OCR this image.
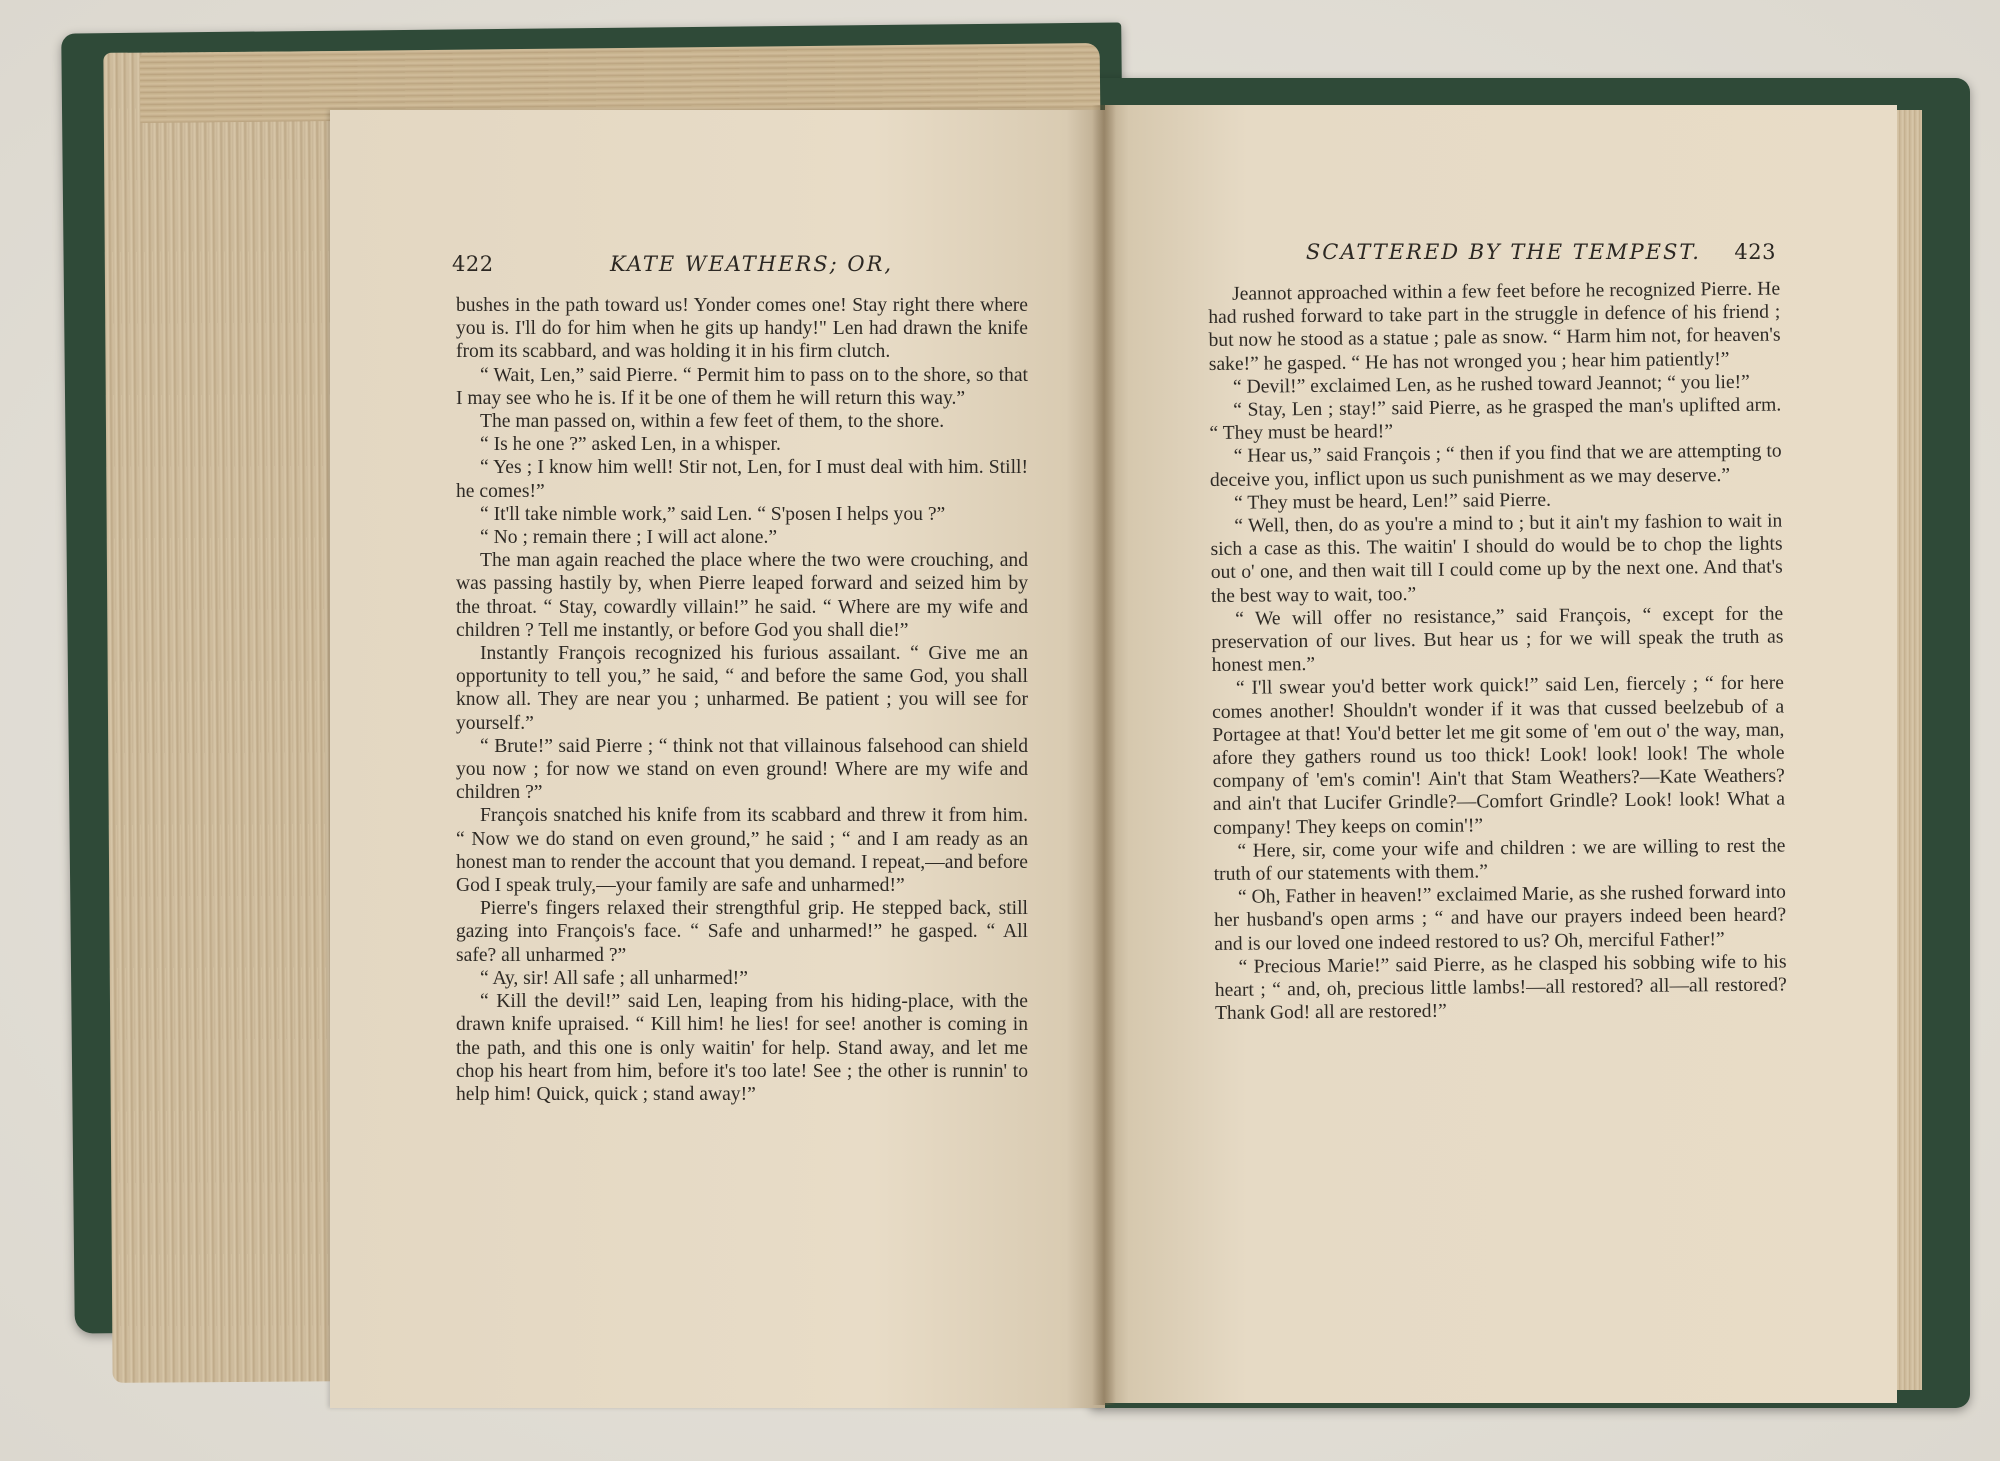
422	KATE WEATHERS; OR,	SCATTERED BY THE TEMPEST. 423

bushes in the path toward us! Yonder comes one! Stay right there where you is. I'll do for him when he gits up handy!" Len had drawn the knife from its scabbard, and was holding it in his firm clutch.

“ Wait, Len,” said Pierre. “ Permit him to pass on to the shore, so that I may see who he is. If it be one of them he will return this way.”

The man passed on, within a few feet of them, to the shore.

“ Is he one ?” asked Len, in a whisper.

“ Yes ; I know him well! Stir not, Len, for I must deal with him. Still! he comes!”

“ It'll take nimble work,” said Len. “ S'posen I helps you ?”

“ No ; remain there ; I will act alone.”

The man again reached the place where the two were crouching, and was passing hastily by, when Pierre leaped forward and seized him by the throat. “ Stay, cowardly villain!” he said. “ Where are my wife and children ? Tell me instantly, or before God you shall die!”

Instantly François recognized his furious assailant. “ Give me an opportunity to tell you,” he said, “ and before the same God, you shall know all. They are near you ; unharmed. Be patient ; you will see for yourself.”

“ Brute!” said Pierre ; “ think not that villainous falsehood can shield you now ; for now we stand on even ground! Where are my wife and children ?”

François snatched his knife from its scabbard and threw it from him. “ Now we do stand on even ground,” he said ; “ and I am ready as an honest man to render the account that you demand. I repeat,—and before God I speak truly,—your family are safe and unharmed!”

Pierre's fingers relaxed their strengthful grip. He stepped back, still gazing into François's face. “ Safe and unharmed!” he gasped. “ All safe? all unharmed ?”

“ Ay, sir! All safe ; all unharmed!”

“ Kill the devil!” said Len, leaping from his hiding-place, with the drawn knife upraised. “ Kill him! he lies! for see! another is coming in the path, and this one is only waitin' for help. Stand away, and let me chop his heart from him, before it's too late! See ; the other is runnin' to help him! Quick, quick ; stand away!”

Jeannot approached within a few feet before he recognized Pierre. He had rushed forward to take part in the struggle in defence of his friend ; but now he stood as a statue ; pale as snow. “ Harm him not, for heaven's sake!” he gasped. “ He has not wronged you ; hear him patiently!”

“ Devil!” exclaimed Len, as he rushed toward Jeannot; “ you lie!”

“ Stay, Len ; stay!” said Pierre, as he grasped the man's uplifted arm. “ They must be heard!”

“ Hear us,” said François ; “ then if you find that we are attempting to deceive you, inflict upon us such punishment as we may deserve.”

“ They must be heard, Len!” said Pierre.

“ Well, then, do as you're a mind to ; but it ain't my fashion to wait in sich a case as this. The waitin' I should do would be to chop the lights out o' one, and then wait till I could come up by the next one. And that's the best way to wait, too.”

“ We will offer no resistance,” said François, “ except for the preservation of our lives. But hear us ; for we will speak the truth as honest men.”

“ I'll swear you'd better work quick!” said Len, fiercely ; “ for here comes another! Shouldn't wonder if it was that cussed beelzebub of a Portagee at that! You'd better let me git some of 'em out o' the way, man, afore they gathers round us too thick! Look! look! look! The whole company of 'em's comin'! Ain't that Stam Weathers?—Kate Weathers? and ain't that Lucifer Grindle?—Comfort Grindle? Look! look! What a company! They keeps on comin'!”

“ Here, sir, come your wife and children : we are willing to rest the truth of our statements with them.”

“ Oh, Father in heaven!” exclaimed Marie, as she rushed forward into her husband's open arms ; “ and have our prayers indeed been heard? and is our loved one indeed restored to us? Oh, merciful Father!”

“ Precious Marie!” said Pierre, as he clasped his sobbing wife to his heart ; “ and, oh, precious little lambs!—all restored? all—all restored? Thank God! all are restored!”
